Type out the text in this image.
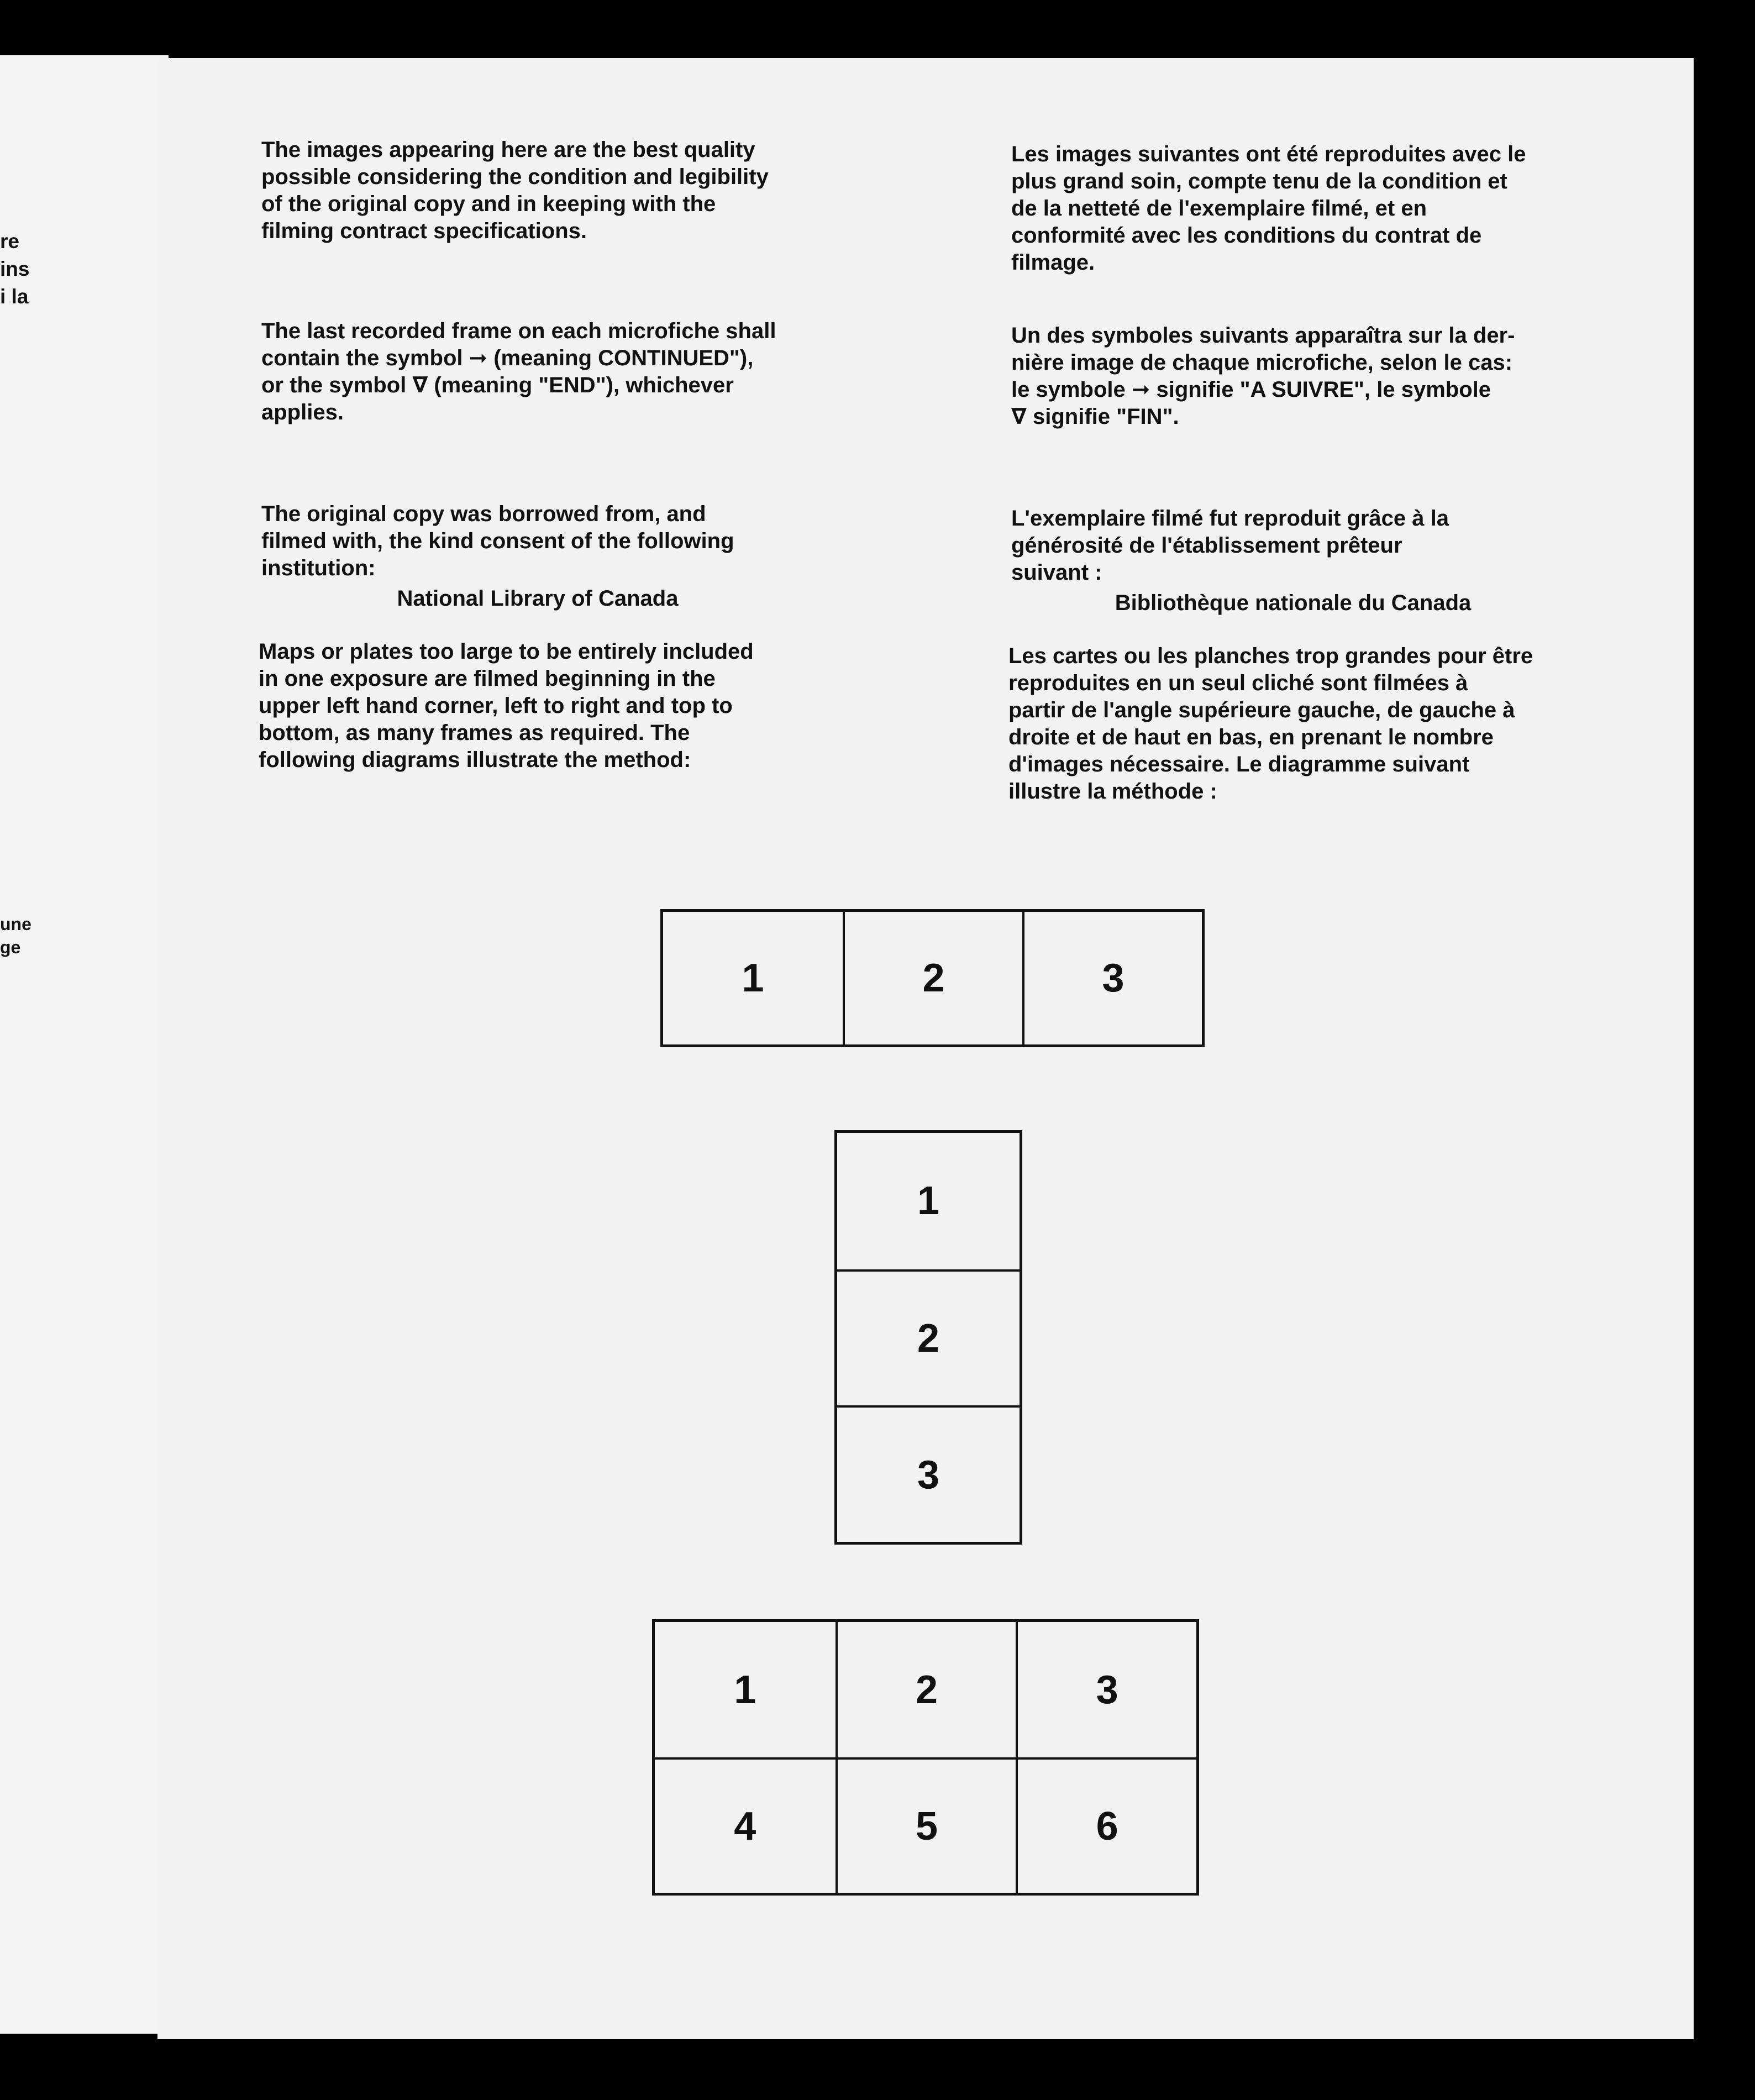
re
ins
i la
une
ge

The images appearing here are the best quality
possible considering the condition and legibility
of the original copy and in keeping with the
filming contract specifications.

The last recorded frame on each microfiche shall
contain the symbol ➞ (meaning CONTINUED"),
or the symbol ∇ (meaning "END"), whichever
applies.

The original copy was borrowed from, and
filmed with, the kind consent of the following
institution:

National Library of Canada

Maps or plates too large to be entirely included
in one exposure are filmed beginning in the
upper left hand corner, left to right and top to
bottom, as many frames as required. The
following diagrams illustrate the method:

Les images suivantes ont été reproduites avec le
plus grand soin, compte tenu de la condition et
de la netteté de l'exemplaire filmé, et en
conformité avec les conditions du contrat de
filmage.

Un des symboles suivants apparaîtra sur la der-
nière image de chaque microfiche, selon le cas:
le symbole ➞ signifie "A SUIVRE", le symbole
∇ signifie "FIN".

L'exemplaire filmé fut reproduit grâce à la
générosité de l'établissement prêteur
suivant :

Bibliothèque nationale du Canada

Les cartes ou les planches trop grandes pour être
reproduites en un seul cliché sont filmées à
partir de l'angle supérieure gauche, de gauche à
droite et de haut en bas, en prenant le nombre
d'images nécessaire. Le diagramme suivant
illustre la méthode :

1	2	3
1
2
3
1	2	3
4	5	6
